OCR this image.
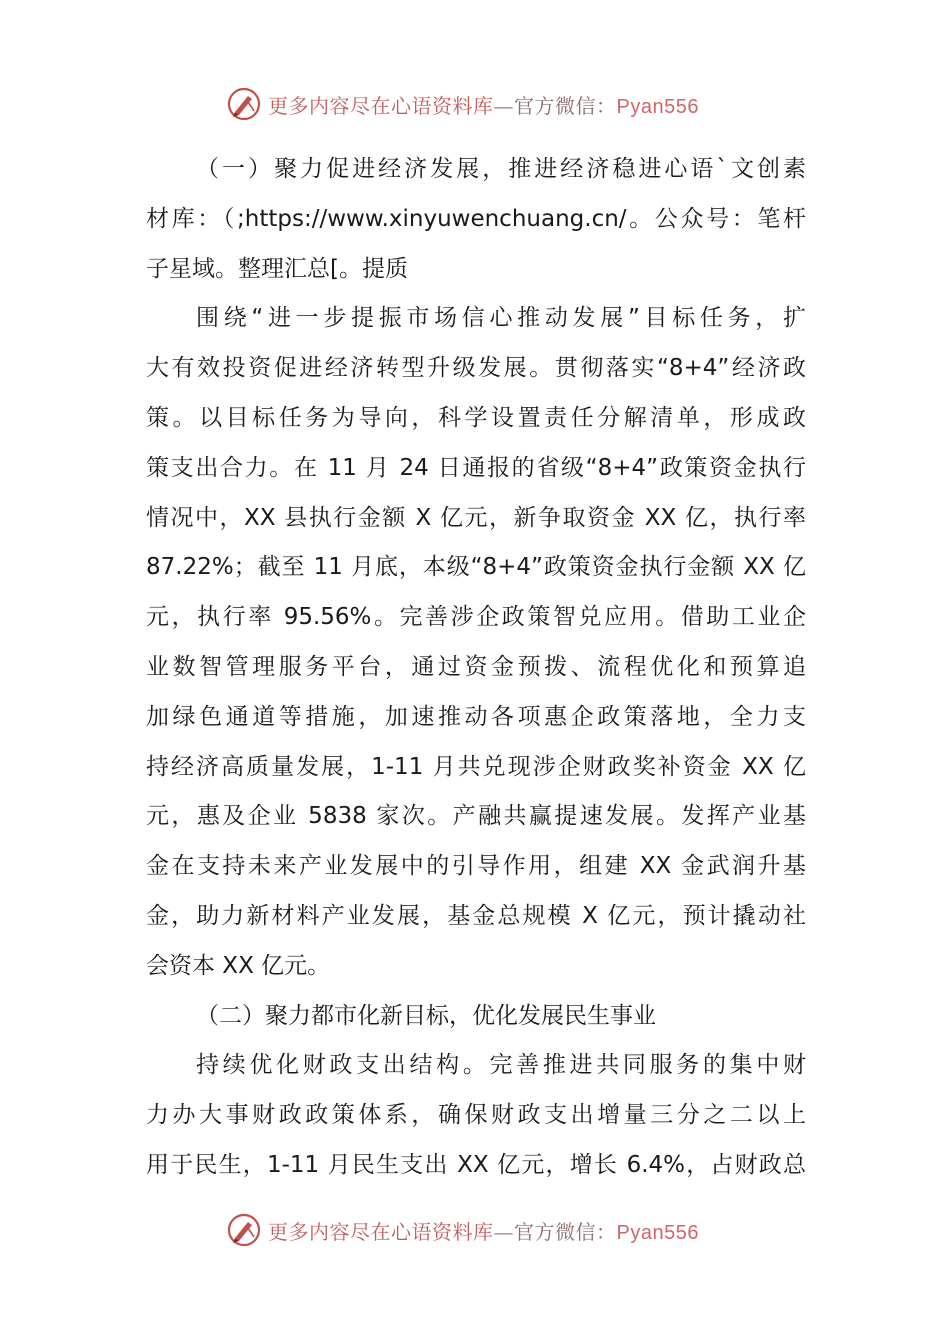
更多内容尽在心语资料库—官方微信：Pyan556
（一）聚力促进经济发展，推进经济稳进心语`文创素
材库：（;https://www.xinyuwenchuang.cn/。公众号：笔杆
子星域。整理汇总[。提质
围绕“进一步提振市场信心推动发展”目标任务，扩
大有效投资促进经济转型升级发展。贯彻落实“8+4”经济政
策。以目标任务为导向，科学设置责任分解清单，形成政
策支出合力。在 11 月 24 日通报的省级“8+4”政策资金执行
情况中，XX 县执行金额 X 亿元，新争取资金 XX 亿，执行率
87.22%；截至 11 月底，本级“8+4”政策资金执行金额 XX 亿
元，执行率 95.56%。完善涉企政策智兑应用。借助工业企
业数智管理服务平台，通过资金预拨、流程优化和预算追
加绿色通道等措施，加速推动各项惠企政策落地，全力支
持经济高质量发展，1-11 月共兑现涉企财政奖补资金 XX 亿
元，惠及企业 5838 家次。产融共赢提速发展。发挥产业基
金在支持未来产业发展中的引导作用，组建 XX 金武润升基
金，助力新材料产业发展，基金总规模 X 亿元，预计撬动社
会资本 XX 亿元。
（二）聚力都市化新目标，优化发展民生事业
持续优化财政支出结构。完善推进共同服务的集中财
力办大事财政政策体系，确保财政支出增量三分之二以上
用于民生，1-11 月民生支出 XX 亿元，增长 6.4%，占财政总
更多内容尽在心语资料库—官方微信：Pyan556
